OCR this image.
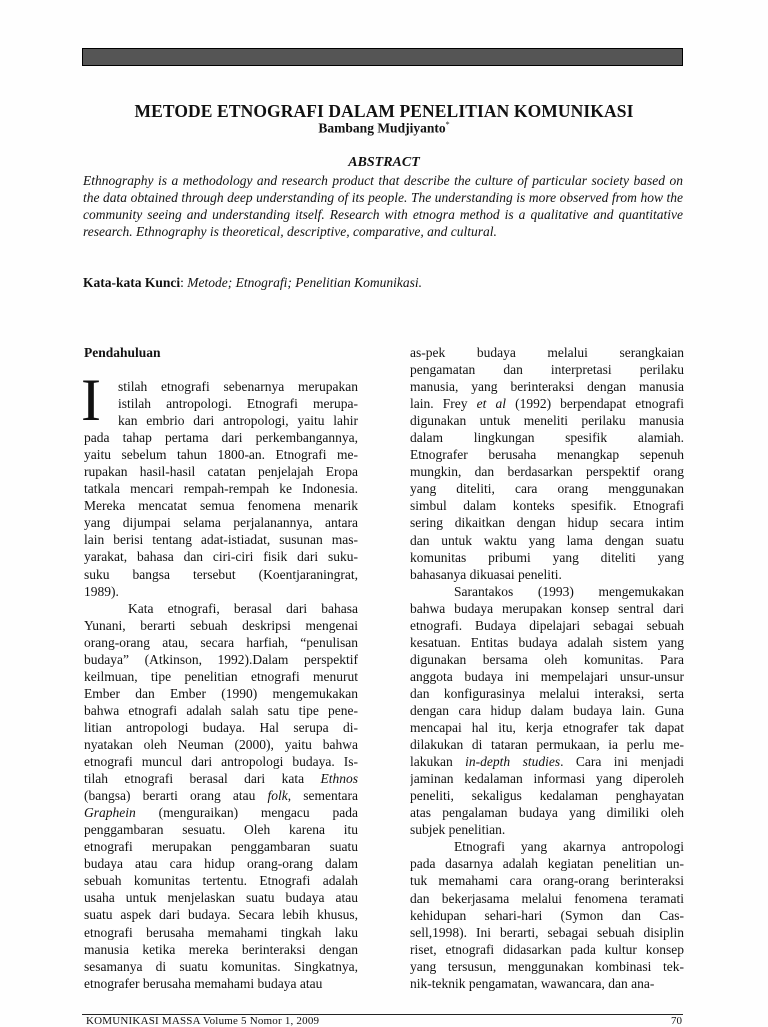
METODE ETNOGRAFI DALAM PENELITIAN KOMUNIKASI
Bambang Mudjiyanto*
ABSTRACT
Ethnography is a methodology and research product that describe the culture of particular society based on the data obtained through deep understanding of its people. The understanding is more observed from how the community seeing and understanding itself. Research with etnogra method is a qualitative and quantitative research. Ethnography is theoretical, descriptive, comparative, and cultural.
Kata-kata Kunci: Metode; Etnografi; Penelitian Komunikasi.
Pendahuluan
I	stilah etnografi sebenarnya merupakan
istilah antropologi. Etnografi merupa-
kan embrio dari antropologi, yaitu lahir
pada tahap pertama dari perkembangannya,
yaitu sebelum tahun 1800-an. Etnografi me-
rupakan hasil-hasil catatan penjelajah Eropa
tatkala mencari rempah-rempah ke Indonesia.
Mereka mencatat semua fenomena menarik
yang dijumpai selama perjalanannya, antara
lain berisi tentang adat-istiadat, susunan mas-
yarakat, bahasa dan ciri-ciri fisik dari suku-
suku bangsa tersebut (Koentjaraningrat,
1989).
Kata etnografi, berasal dari bahasa
Yunani, berarti sebuah deskripsi mengenai
orang-orang atau, secara harfiah, “penulisan
budaya” (Atkinson, 1992).Dalam perspektif
keilmuan, tipe penelitian etnografi menurut
Ember dan Ember (1990) mengemukakan
bahwa etnografi adalah salah satu tipe pene-
litian antropologi budaya. Hal serupa di-
nyatakan oleh Neuman (2000), yaitu bahwa
etnografi muncul dari antropologi budaya. Is-
tilah etnografi berasal dari kata Ethnos
(bangsa) berarti orang atau folk, sementara
Graphein (menguraikan) mengacu pada
penggambaran sesuatu. Oleh karena itu
etnografi merupakan penggambaran suatu
budaya atau cara hidup orang-orang dalam
sebuah komunitas tertentu. Etnografi adalah
usaha untuk menjelaskan suatu budaya atau
suatu aspek dari budaya. Secara lebih khusus,
etnografi berusaha memahami tingkah laku
manusia ketika mereka berinteraksi dengan
sesamanya di suatu komunitas. Singkatnya,
etnografer berusaha memahami budaya atau
as-pek budaya melalui serangkaian
pengamatan dan interpretasi perilaku
manusia, yang berinteraksi dengan manusia
lain. Frey et al (1992) berpendapat etnografi
digunakan untuk meneliti perilaku manusia
dalam lingkungan spesifik alamiah.
Etnografer berusaha menangkap sepenuh
mungkin, dan berdasarkan perspektif orang
yang diteliti, cara orang menggunakan
simbul dalam konteks spesifik. Etnografi
sering dikaitkan dengan hidup secara intim
dan untuk waktu yang lama dengan suatu
komunitas pribumi yang diteliti yang
bahasanya dikuasai peneliti.
Sarantakos (1993) mengemukakan
bahwa budaya merupakan konsep sentral dari
etnografi. Budaya dipelajari sebagai sebuah
kesatuan. Entitas budaya adalah sistem yang
digunakan bersama oleh komunitas. Para
anggota budaya ini mempelajari unsur-unsur
dan konfigurasinya melalui interaksi, serta
dengan cara hidup dalam budaya lain. Guna
mencapai hal itu, kerja etnografer tak dapat
dilakukan di tataran permukaan, ia perlu me-
lakukan in-depth studies. Cara ini menjadi
jaminan kedalaman informasi yang diperoleh
peneliti, sekaligus kedalaman penghayatan
atas pengalaman budaya yang dimiliki oleh
subjek penelitian.
Etnografi yang akarnya antropologi
pada dasarnya adalah kegiatan penelitian un-
tuk memahami cara orang-orang berinteraksi
dan bekerjasama melalui fenomena teramati
kehidupan sehari-hari (Symon dan Cas-
sell,1998). Ini berarti, sebagai sebuah disiplin
riset, etnografi didasarkan pada kultur konsep
yang tersusun, menggunakan kombinasi tek-
nik-teknik pengamatan, wawancara, dan ana-
KOMUNIKASI MASSA Volume 5 Nomor 1, 2009	70
